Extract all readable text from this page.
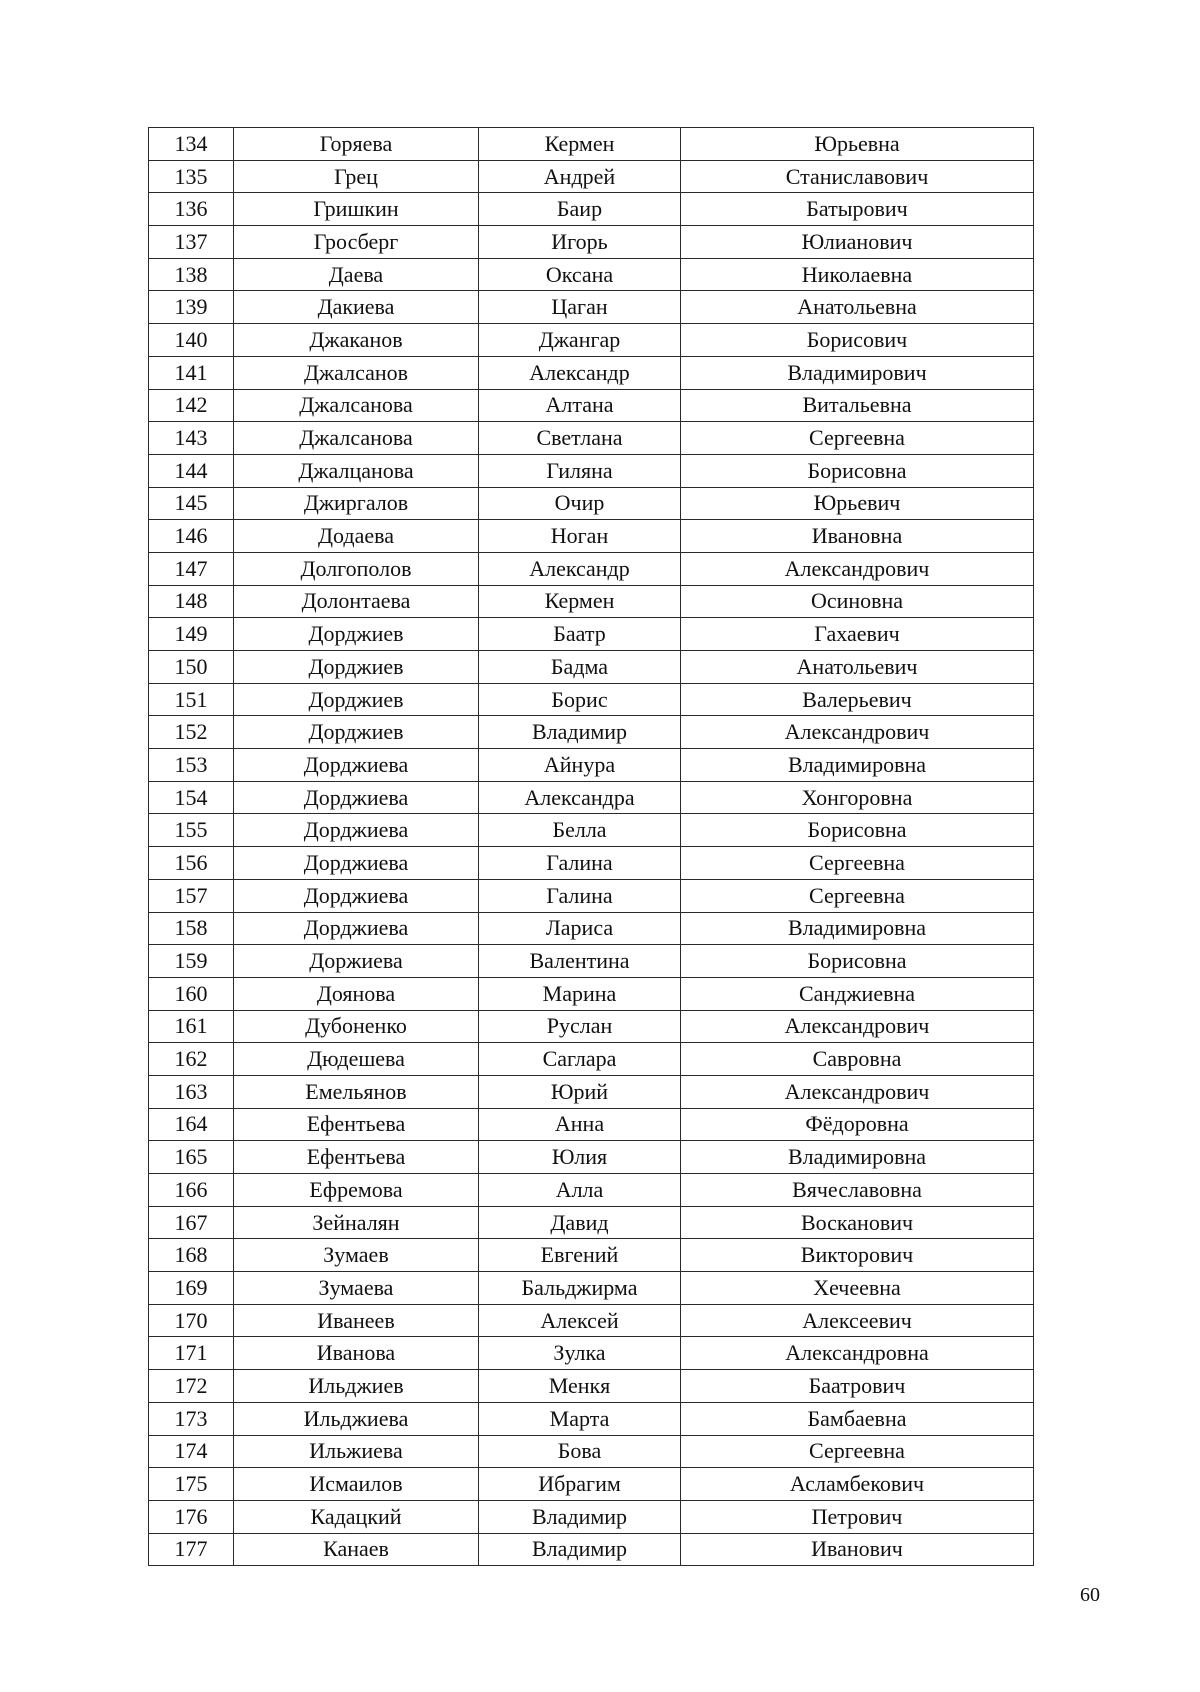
134	Горяева	Кермен	Юрьевна
135	Грец	Андрей	Станиславович
136	Гришкин	Баир	Батырович
137	Гросберг	Игорь	Юлианович
138	Даева	Оксана	Николаевна
139	Дакиева	Цаган	Анатольевна
140	Джаканов	Джангар	Борисович
141	Джалсанов	Александр	Владимирович
142	Джалсанова	Алтана	Витальевна
143	Джалсанова	Светлана	Сергеевна
144	Джалцанова	Гиляна	Борисовна
145	Джиргалов	Очир	Юрьевич
146	Додаева	Ноган	Ивановна
147	Долгополов	Александр	Александрович
148	Долонтаева	Кермен	Осиновна
149	Дорджиев	Баатр	Гахаевич
150	Дорджиев	Бадма	Анатольевич
151	Дорджиев	Борис	Валерьевич
152	Дорджиев	Владимир	Александрович
153	Дорджиева	Айнура	Владимировна
154	Дорджиева	Александра	Хонгоровна
155	Дорджиева	Белла	Борисовна
156	Дорджиева	Галина	Сергеевна
157	Дорджиева	Галина	Сергеевна
158	Дорджиева	Лариса	Владимировна
159	Доржиева	Валентина	Борисовна
160	Доянова	Марина	Санджиевна
161	Дубоненко	Руслан	Александрович
162	Дюдешева	Саглара	Савровна
163	Емельянов	Юрий	Александрович
164	Ефентьева	Анна	Фёдоровна
165	Ефентьева	Юлия	Владимировна
166	Ефремова	Алла	Вячеславовна
167	Зейналян	Давид	Восканович
168	Зумаев	Евгений	Викторович
169	Зумаева	Бальджирма	Хечеевна
170	Иванеев	Алексей	Алексеевич
171	Иванова	Зулка	Александровна
172	Ильджиев	Менкя	Баатрович
173	Ильджиева	Марта	Бамбаевна
174	Ильжиева	Бова	Сергеевна
175	Исмаилов	Ибрагим	Асламбекович
176	Кадацкий	Владимир	Петрович
177	Канаев	Владимир	Иванович
60
